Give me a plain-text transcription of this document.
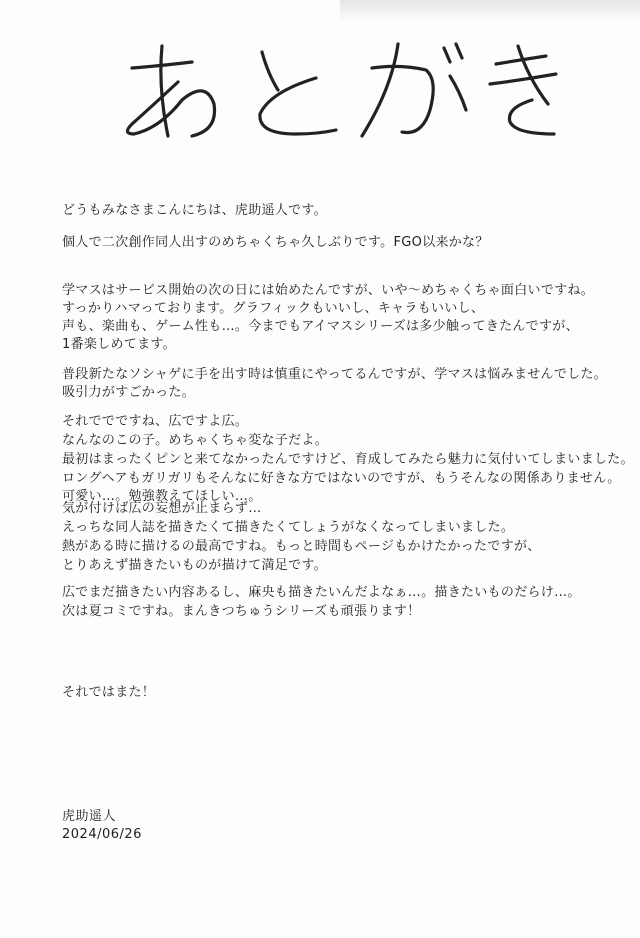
どうもみなさまこんにちは、虎助遥人です。
個人で二次創作同人出すのめちゃくちゃ久しぶりです。FGO以来かな？
学マスはサービス開始の次の日には始めたんですが、いや～めちゃくちゃ面白いですね。
すっかりハマっております。グラフィックもいいし、キャラもいいし、
声も、楽曲も、ゲーム性も…。今までもアイマスシリーズは多少触ってきたんですが、
1番楽しめてます。
普段新たなソシャゲに手を出す時は慎重にやってるんですが、学マスは悩みませんでした。
吸引力がすごかった。
それででですね、広ですよ広。
なんなのこの子。めちゃくちゃ変な子だよ。
最初はまったくピンと来てなかったんですけど、育成してみたら魅力に気付いてしまいました。
ロングヘアもガリガリもそんなに好きな方ではないのですが、もうそんなの関係ありません。
可愛い…。勉強教えてほしい…。
気が付けば広の妄想が止まらず…
えっちな同人誌を描きたくて描きたくてしょうがなくなってしまいました。
熱がある時に描けるの最高ですね。もっと時間もページもかけたかったですが、
とりあえず描きたいものが描けて満足です。
広でまだ描きたい内容あるし、麻央も描きたいんだよなぁ…。描きたいものだらけ…。
次は夏コミですね。まんきつちゅうシリーズも頑張ります！
それではまた！
虎助遥人
2024/06/26
